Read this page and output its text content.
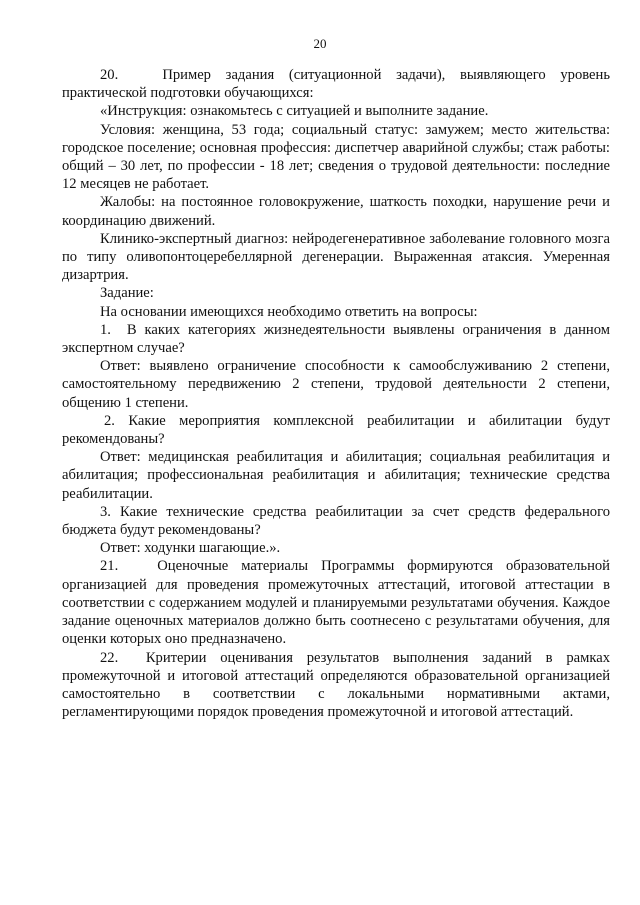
20

20.   Пример задания (ситуационной задачи), выявляющего уровень практической подготовки обучающихся:

«Инструкция: ознакомьтесь с ситуацией и выполните задание.

Условия: женщина, 53 года; социальный статус: замужем; место жительства: городское поселение; основная профессия: диспетчер аварийной службы; стаж работы: общий – 30 лет, по профессии - 18 лет; сведения о трудовой деятельности: последние 12 месяцев не работает.

Жалобы: на постоянное головокружение, шаткость походки, нарушение речи и координацию движений.

Клинико-экспертный диагноз: нейродегенеративное заболевание головного мозга по типу оливопонтоцеребеллярной дегенерации. Выраженная атаксия. Умеренная дизартрия.

Задание:

На основании имеющихся необходимо ответить на вопросы:

1.  В каких категориях жизнедеятельности выявлены ограничения в данном экспертном случае?

Ответ: выявлено ограничение способности к самообслуживанию 2 степени, самостоятельному передвижению 2 степени, трудовой деятельности 2 степени, общению 1 степени.

2. Какие мероприятия комплексной реабилитации и абилитации будут рекомендованы?

Ответ: медицинская реабилитация и абилитация; социальная реабилитация и абилитация; профессиональная реабилитация и абилитация; технические средства реабилитации.

3. Какие технические средства реабилитации за счет средств федерального бюджета будут рекомендованы?

Ответ: ходунки шагающие.».

21.   Оценочные материалы Программы формируются образовательной организацией для проведения промежуточных аттестаций, итоговой аттестации в соответствии с содержанием модулей и планируемыми результатами обучения. Каждое задание оценочных материалов должно быть соотнесено с результатами обучения, для оценки которых оно предназначено.

22.  Критерии оценивания результатов выполнения заданий в рамках промежуточной и итоговой аттестаций определяются образовательной организацией самостоятельно в соответствии с локальными нормативными актами, регламентирующими порядок проведения промежуточной и итоговой аттестаций.
